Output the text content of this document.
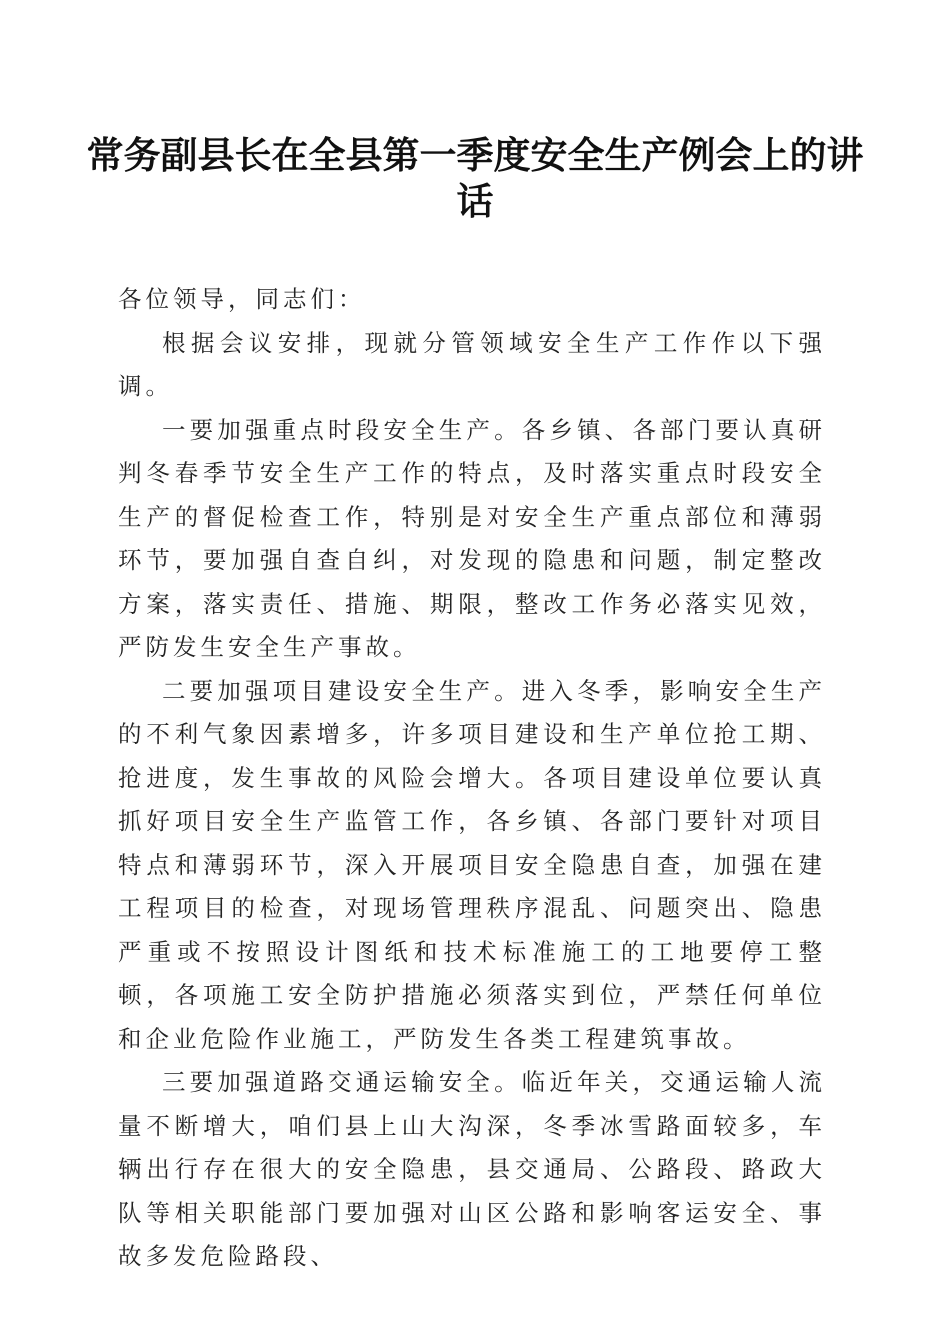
常务副县长在全县第一季度安全生产例会上的讲话

各位领导，同志们：

根据会议安排，现就分管领域安全生产工作作以下强调。

一要加强重点时段安全生产。各乡镇、各部门要认真研判冬春季节安全生产工作的特点，及时落实重点时段安全生产的督促检查工作，特别是对安全生产重点部位和薄弱环节，要加强自查自纠，对发现的隐患和问题，制定整改方案，落实责任、措施、期限，整改工作务必落实见效，严防发生安全生产事故。

二要加强项目建设安全生产。进入冬季，影响安全生产的不利气象因素增多，许多项目建设和生产单位抢工期、抢进度，发生事故的风险会增大。各项目建设单位要认真抓好项目安全生产监管工作，各乡镇、各部门要针对项目特点和薄弱环节，深入开展项目安全隐患自查，加强在建工程项目的检查，对现场管理秩序混乱、问题突出、隐患严重或不按照设计图纸和技术标准施工的工地要停工整顿，各项施工安全防护措施必须落实到位，严禁任何单位和企业危险作业施工，严防发生各类工程建筑事故。

三要加强道路交通运输安全。临近年关，交通运输人流量不断增大，咱们县上山大沟深，冬季冰雪路面较多，车辆出行存在很大的安全隐患，县交通局、公路段、路政大队等相关职能部门要加强对山区公路和影响客运安全、事故多发危险路段、
